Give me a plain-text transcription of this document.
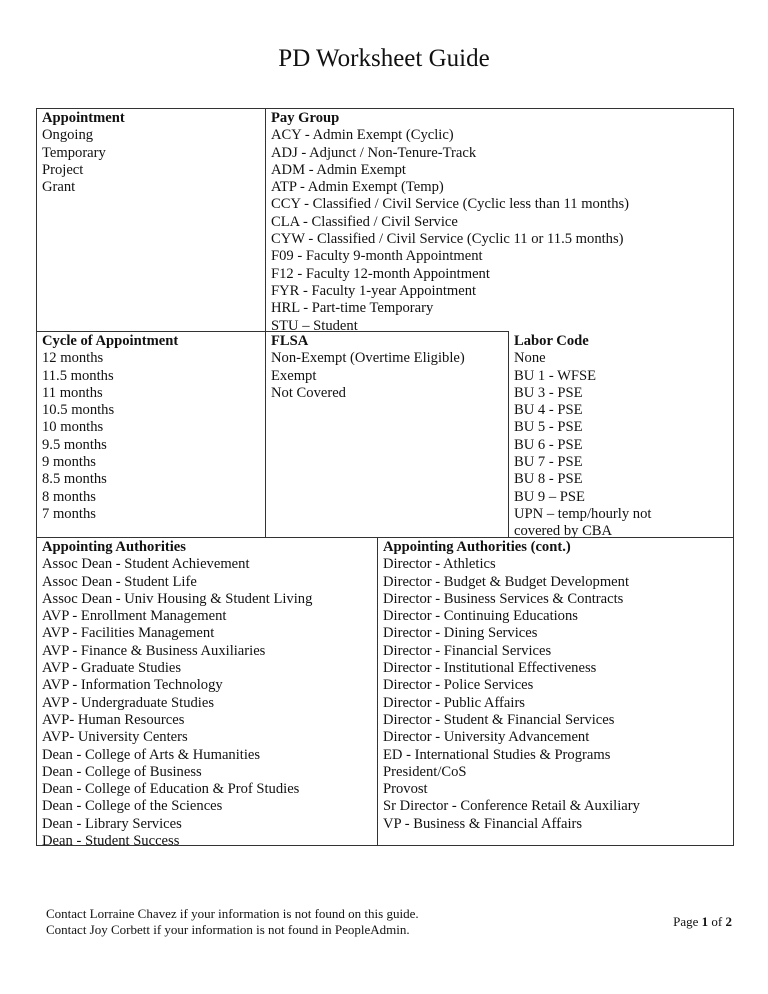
PD Worksheet Guide
Appointment
Ongoing
Temporary
Project
Grant
Pay Group
ACY - Admin Exempt (Cyclic)
ADJ - Adjunct / Non-Tenure-Track
ADM - Admin Exempt
ATP - Admin Exempt (Temp)
CCY - Classified / Civil Service (Cyclic less than 11 months)
CLA - Classified / Civil Service
CYW - Classified / Civil Service (Cyclic 11 or 11.5 months)
F09 - Faculty 9-month Appointment
F12 - Faculty 12-month Appointment
FYR - Faculty 1-year Appointment
HRL - Part-time Temporary
STU – Student
Cycle of Appointment
12 months
11.5 months
11 months
10.5 months
10 months
9.5 months
9 months
8.5 months
8 months
7 months
FLSA
Non-Exempt (Overtime Eligible)
Exempt
Not Covered
Labor Code
None
BU 1 - WFSE
BU 3 - PSE
BU 4 - PSE
BU 5 - PSE
BU 6 - PSE
BU 7 - PSE
BU 8 - PSE
BU 9 – PSE
UPN – temp/hourly not
covered by CBA
Appointing Authorities
Assoc Dean - Student Achievement
Assoc Dean - Student Life
Assoc Dean - Univ Housing & Student Living
AVP - Enrollment Management
AVP - Facilities Management
AVP - Finance & Business Auxiliaries
AVP - Graduate Studies
AVP - Information Technology
AVP - Undergraduate Studies
AVP- Human Resources
AVP- University Centers
Dean - College of Arts & Humanities
Dean - College of Business
Dean - College of Education & Prof Studies
Dean - College of the Sciences
Dean - Library Services
Dean - Student Success
Appointing Authorities (cont.)
Director - Athletics
Director - Budget & Budget Development
Director - Business Services & Contracts
Director - Continuing Educations
Director - Dining Services
Director - Financial Services
Director - Institutional Effectiveness
Director - Police Services
Director - Public Affairs
Director - Student & Financial Services
Director - University Advancement
ED - International Studies & Programs
President/CoS
Provost
Sr Director - Conference Retail & Auxiliary
VP - Business & Financial Affairs
Contact Lorraine Chavez if your information is not found on this guide.
Contact Joy Corbett if your information is not found in PeopleAdmin.
Page 1 of 2
